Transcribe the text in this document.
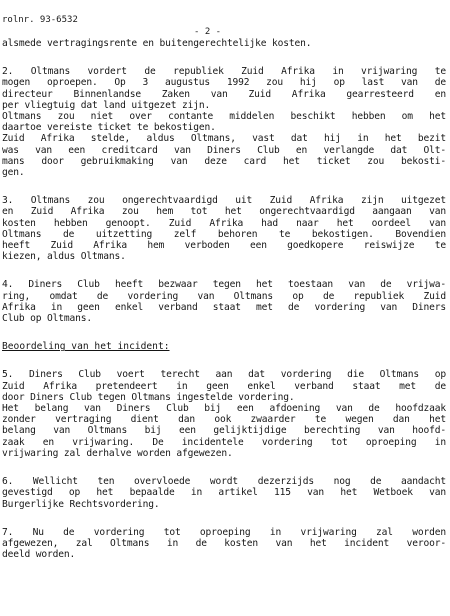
rolnr. 93-6532

- 2 -

alsmede vertragingsrente en buitengerechtelijke kosten.
2. Oltmans vordert de republiek Zuid Afrika in vrijwaring te
mogen oproepen. Op 3 augustus 1992 zou hij op last van de
directeur Binnenlandse Zaken van Zuid Afrika gearresteerd en
per vliegtuig dat land uitgezet zijn.
Oltmans zou niet over contante middelen beschikt hebben om het
daartoe vereiste ticket te bekostigen.
Zuid Afrika stelde, aldus Oltmans, vast dat hij in het bezit
was van een creditcard van Diners Club en verlangde dat Olt-
mans door gebruikmaking van deze card het ticket zou bekosti-
gen.
3. Oltmans zou ongerechtvaardigd uit Zuid Afrika zijn uitgezet
en Zuid Afrika zou hem tot het ongerechtvaardigd aangaan van
kosten hebben genoopt. Zuid Afrika had naar het oordeel van
Oltmans de uitzetting zelf behoren te bekostigen. Bovendien
heeft Zuid Afrika hem verboden een goedkopere reiswijze te
kiezen, aldus Oltmans.
4. Diners Club heeft bezwaar tegen het toestaan van de vrijwa-
ring, omdat de vordering van Oltmans op de republiek Zuid
Afrika in geen enkel verband staat met de vordering van Diners
Club op Oltmans.
Beoordeling van het incident:
5. Diners Club voert terecht aan dat vordering die Oltmans op
Zuid Afrika pretendeert in geen enkel verband staat met de
door Diners Club tegen Oltmans ingestelde vordering.
Het belang van Diners Club bij een afdoening van de hoofdzaak
zonder vertraging dient dan ook zwaarder te wegen dan het
belang van Oltmans bij een gelijktijdige berechting van hoofd-
zaak en vrijwaring. De incidentele vordering tot oproeping in
vrijwaring zal derhalve worden afgewezen.
6. Wellicht ten overvloede wordt dezerzijds nog de aandacht
gevestigd op het bepaalde in artikel 115 van het Wetboek van
Burgerlijke Rechtsvordering.
7. Nu de vordering tot oproeping in vrijwaring zal worden
afgewezen, zal Oltmans in de kosten van het incident veroor-
deeld worden.
